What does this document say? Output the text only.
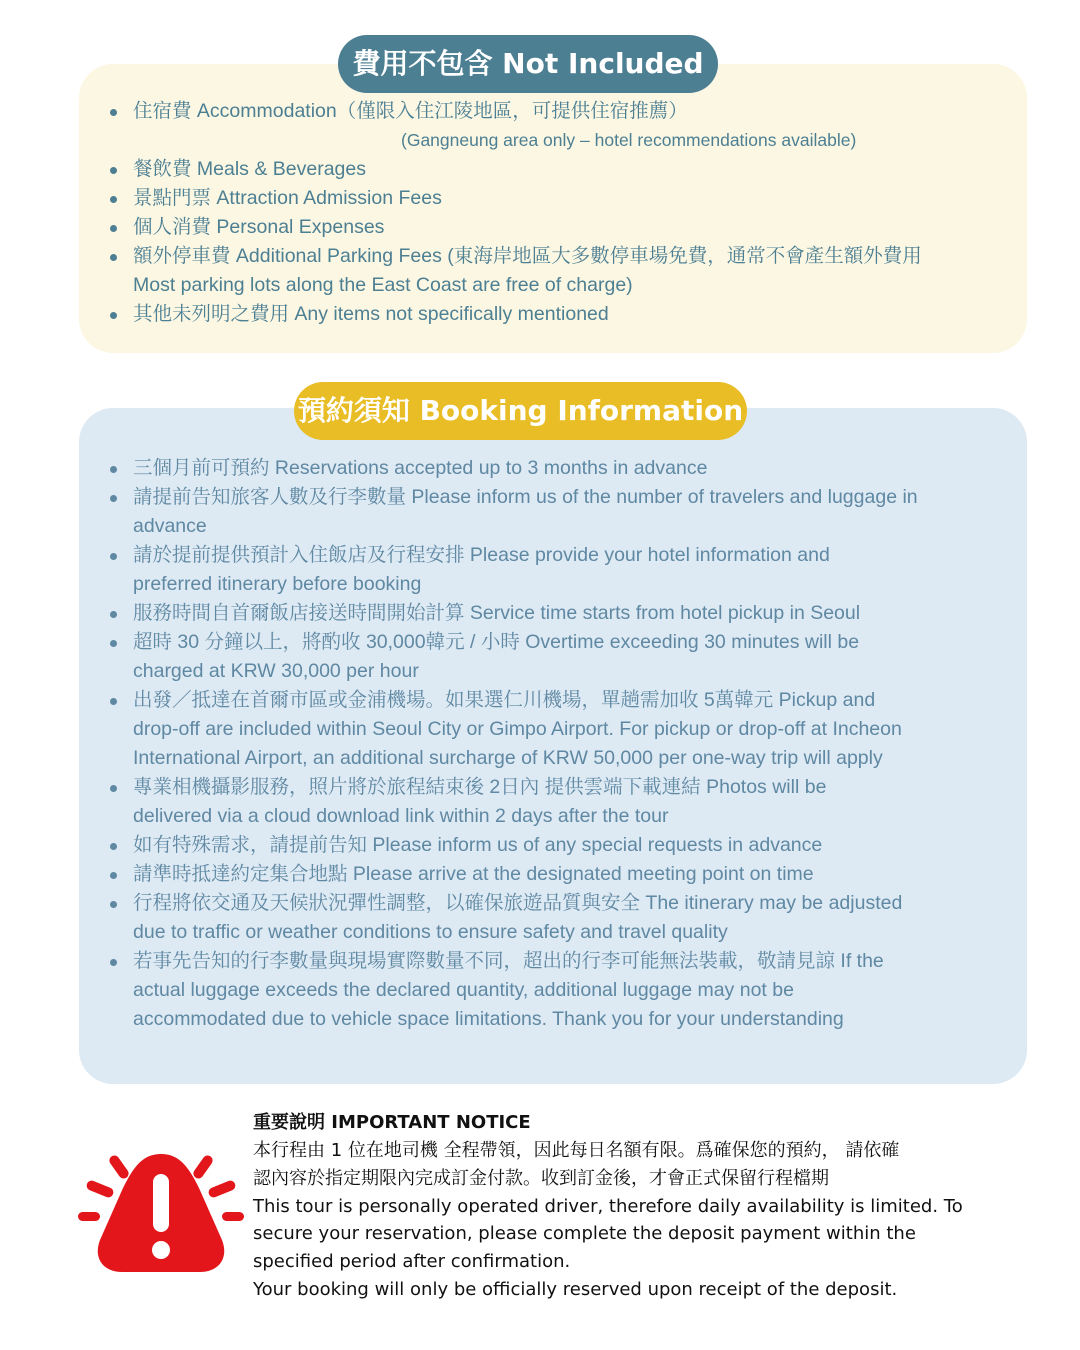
費用不包含 Not Included
住宿費 Accommodation（僅限入住江陵地區，可提供住宿推薦）
(Gangneung area only – hotel recommendations available)
餐飲費 Meals & Beverages
景點門票 Attraction Admission Fees
個人消費 Personal Expenses
額外停車費 Additional Parking Fees (東海岸地區大多數停車場免費，通常不會產生額外費用
Most parking lots along the East Coast are free of charge)
其他未列明之費用 Any items not specifically mentioned
預約須知 Booking Information
三個月前可預約 Reservations accepted up to 3 months in advance
請提前告知旅客人數及行李數量 Please inform us of the number of travelers and luggage in
advance
請於提前提供預計入住飯店及行程安排 Please provide your hotel information and
preferred itinerary before booking
服務時間自首爾飯店接送時間開始計算 Service time starts from hotel pickup in Seoul
超時 30 分鐘以上，將酌收 30,000韓元 / 小時 Overtime exceeding 30 minutes will be
charged at KRW 30,000 per hour
出發／抵達在首爾市區或金浦機場。如果選仁川機場，單趟需加收 5萬韓元 Pickup and
drop-off are included within Seoul City or Gimpo Airport. For pickup or drop-off at Incheon
International Airport, an additional surcharge of KRW 50,000 per one-way trip will apply
專業相機攝影服務，照片將於旅程結束後 2日內 提供雲端下載連結 Photos will be
delivered via a cloud download link within 2 days after the tour
如有特殊需求，請提前告知 Please inform us of any special requests in advance
請準時抵達約定集合地點 Please arrive at the designated meeting point on time
行程將依交通及天候狀況彈性調整，以確保旅遊品質與安全 The itinerary may be adjusted
due to traffic or weather conditions to ensure safety and travel quality
若事先告知的行李數量與現場實際數量不同，超出的行李可能無法裝載，敬請見諒 If the
actual luggage exceeds the declared quantity, additional luggage may not be
accommodated due to vehicle space limitations. Thank you for your understanding
重要說明 IMPORTANT NOTICE
本行程由 1 位在地司機 全程帶領，因此每日名額有限。爲確保您的預約， 請依確
認內容於指定期限內完成訂金付款。收到訂金後，才會正式保留行程檔期
This tour is personally operated driver, therefore daily availability is limited. To
secure your reservation, please complete the deposit payment within the
specified period after confirmation.
Your booking will only be officially reserved upon receipt of the deposit.
